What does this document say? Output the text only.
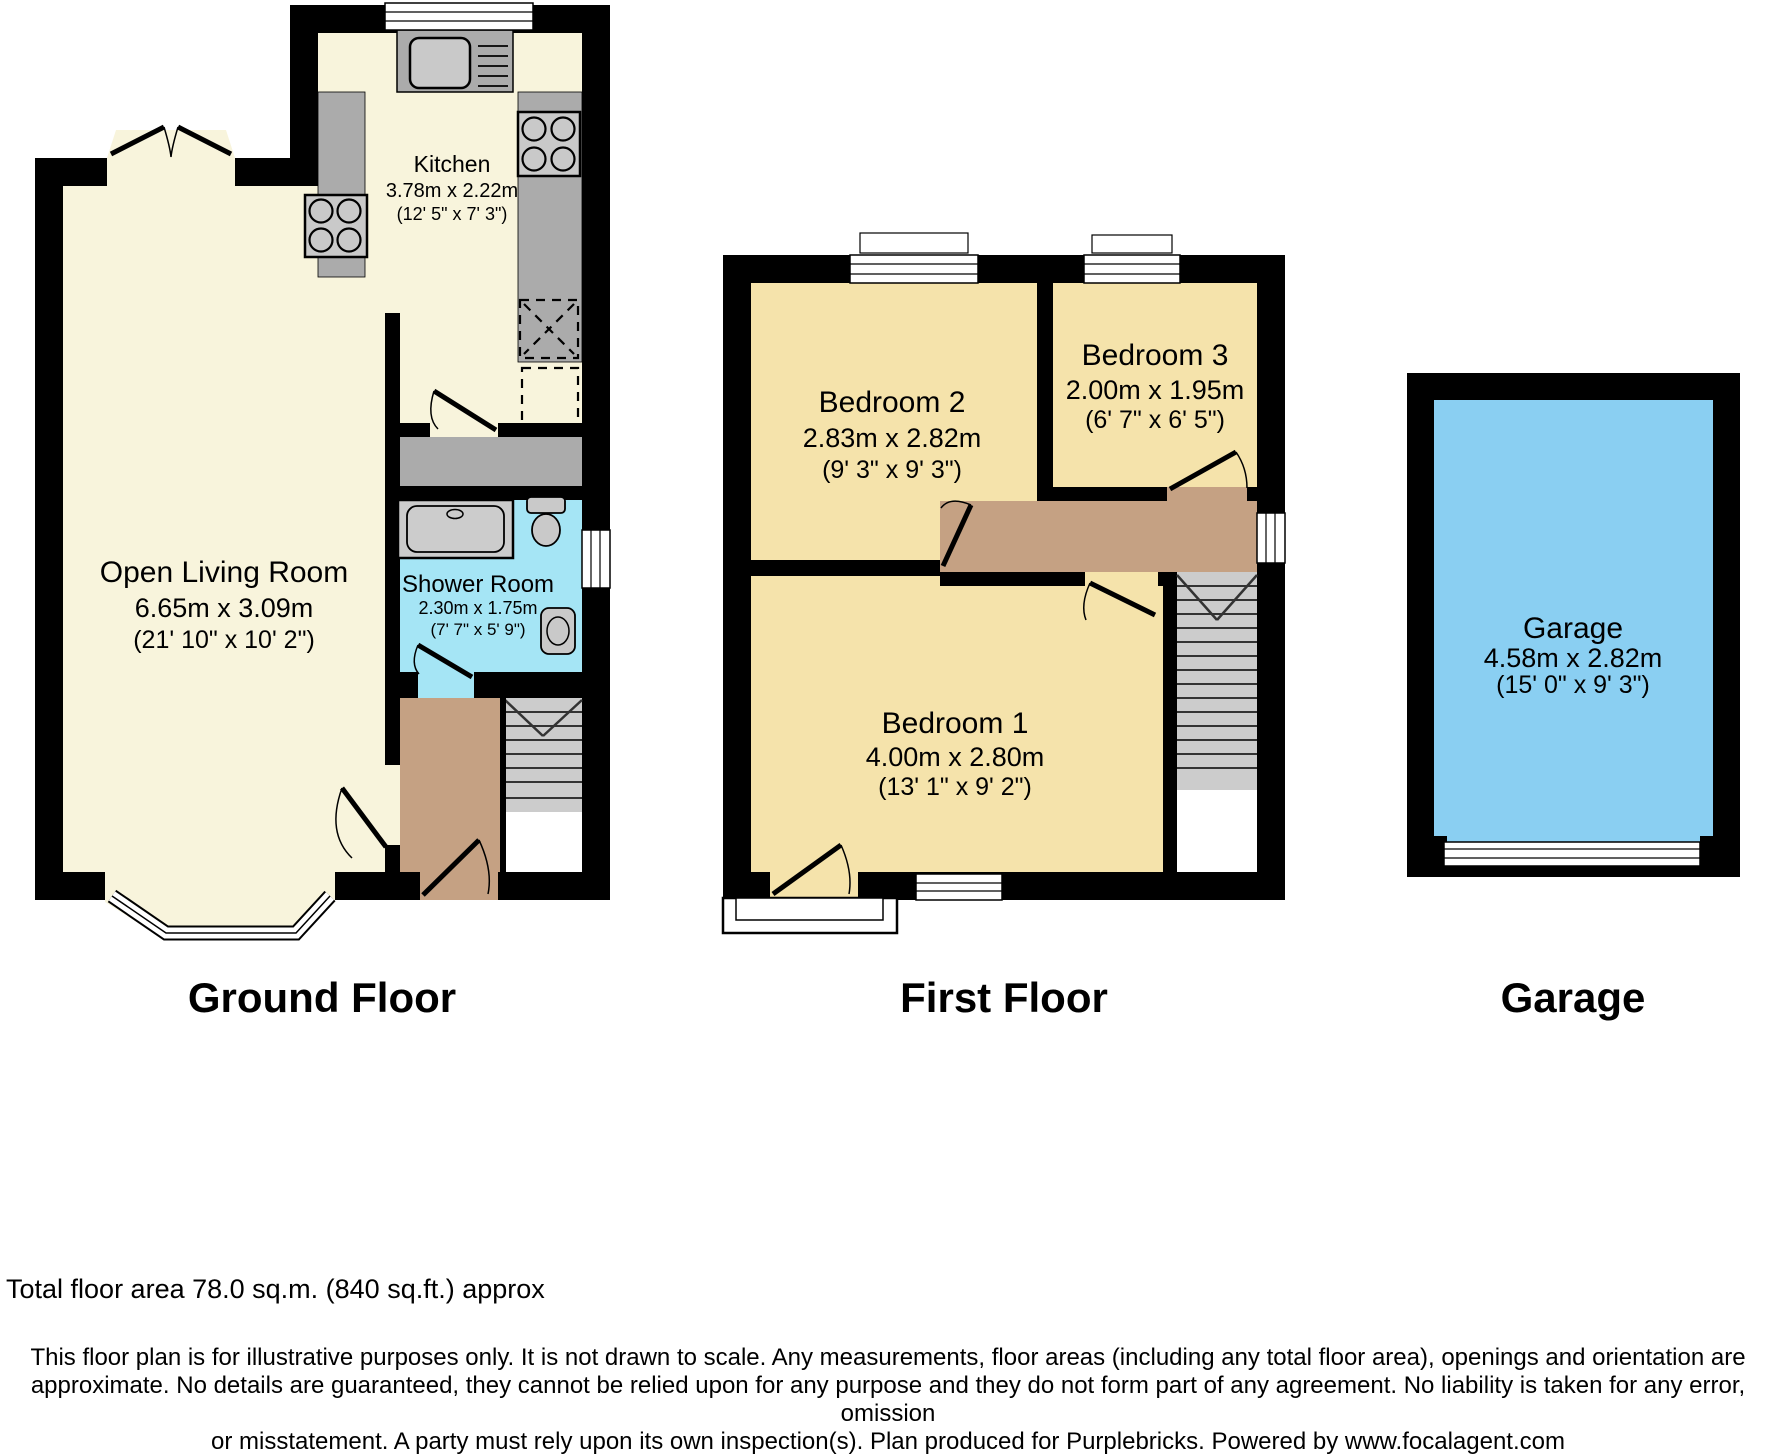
Open Living Room
6.65m x 3.09m
(21' 10" x 10' 2")
Kitchen
3.78m x 2.22m
(12' 5" x 7' 3")
Shower Room
2.30m x 1.75m
(7' 7" x 5' 9")
Bedroom 2
2.83m x 2.82m
(9' 3" x 9' 3")
Bedroom 3
2.00m x 1.95m
(6' 7" x 6' 5")
Bedroom 1
4.00m x 2.80m
(13' 1" x 9' 2")
Garage
4.58m x 2.82m
(15' 0" x 9' 3")
Ground Floor	First Floor	Garage
Total floor area 78.0 sq.m. (840 sq.ft.) approx
This floor plan is for illustrative purposes only. It is not drawn to scale. Any measurements, floor areas (including any total floor area), openings and orientation are
approximate. No details are guaranteed, they cannot be relied upon for any purpose and they do not form part of any agreement. No liability is taken for any error, omission
or misstatement. A party must rely upon its own inspection(s). Plan produced for Purplebricks. Powered by www.focalagent.com
